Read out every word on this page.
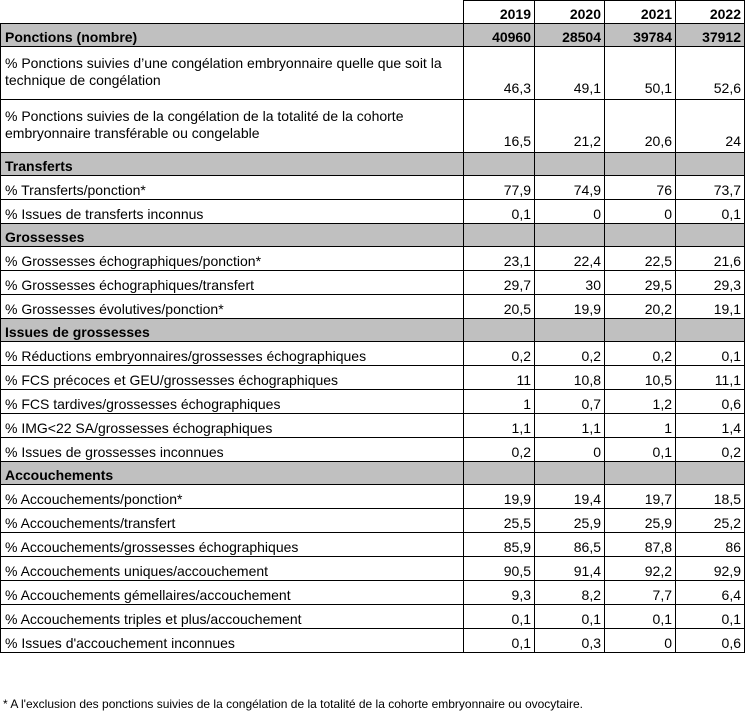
	2019	2020	2021	2022
Ponctions (nombre)	40960	28504	39784	37912
% Ponctions suivies d’une congélation embryonnaire quelle que soit la technique de congélation	46,3	49,1	50,1	52,6
% Ponctions suivies de la congélation de la totalité de la cohorte embryonnaire transférable ou congelable	16,5	21,2	20,6	24
Transferts				
% Transferts/ponction*	77,9	74,9	76	73,7
% Issues de transferts inconnus	0,1	0	0	0,1
Grossesses				
% Grossesses échographiques/ponction*	23,1	22,4	22,5	21,6
% Grossesses échographiques/transfert	29,7	30	29,5	29,3
% Grossesses évolutives/ponction*	20,5	19,9	20,2	19,1
Issues de grossesses				
% Réductions embryonnaires/grossesses échographiques	0,2	0,2	0,2	0,1
% FCS précoces et GEU/grossesses échographiques	11	10,8	10,5	11,1
% FCS tardives/grossesses échographiques	1	0,7	1,2	0,6
% IMG<22 SA/grossesses échographiques	1,1	1,1	1	1,4
% Issues de grossesses inconnues	0,2	0	0,1	0,2
Accouchements				
% Accouchements/ponction*	19,9	19,4	19,7	18,5
% Accouchements/transfert	25,5	25,9	25,9	25,2
% Accouchements/grossesses échographiques	85,9	86,5	87,8	86
% Accouchements uniques/accouchement	90,5	91,4	92,2	92,9
% Accouchements gémellaires/accouchement	9,3	8,2	7,7	6,4
% Accouchements triples et plus/accouchement	0,1	0,1	0,1	0,1
% Issues d'accouchement inconnues	0,1	0,3	0	0,6
* A l'exclusion des ponctions suivies de la congélation de la totalité de la cohorte embryonnaire ou ovocytaire.
